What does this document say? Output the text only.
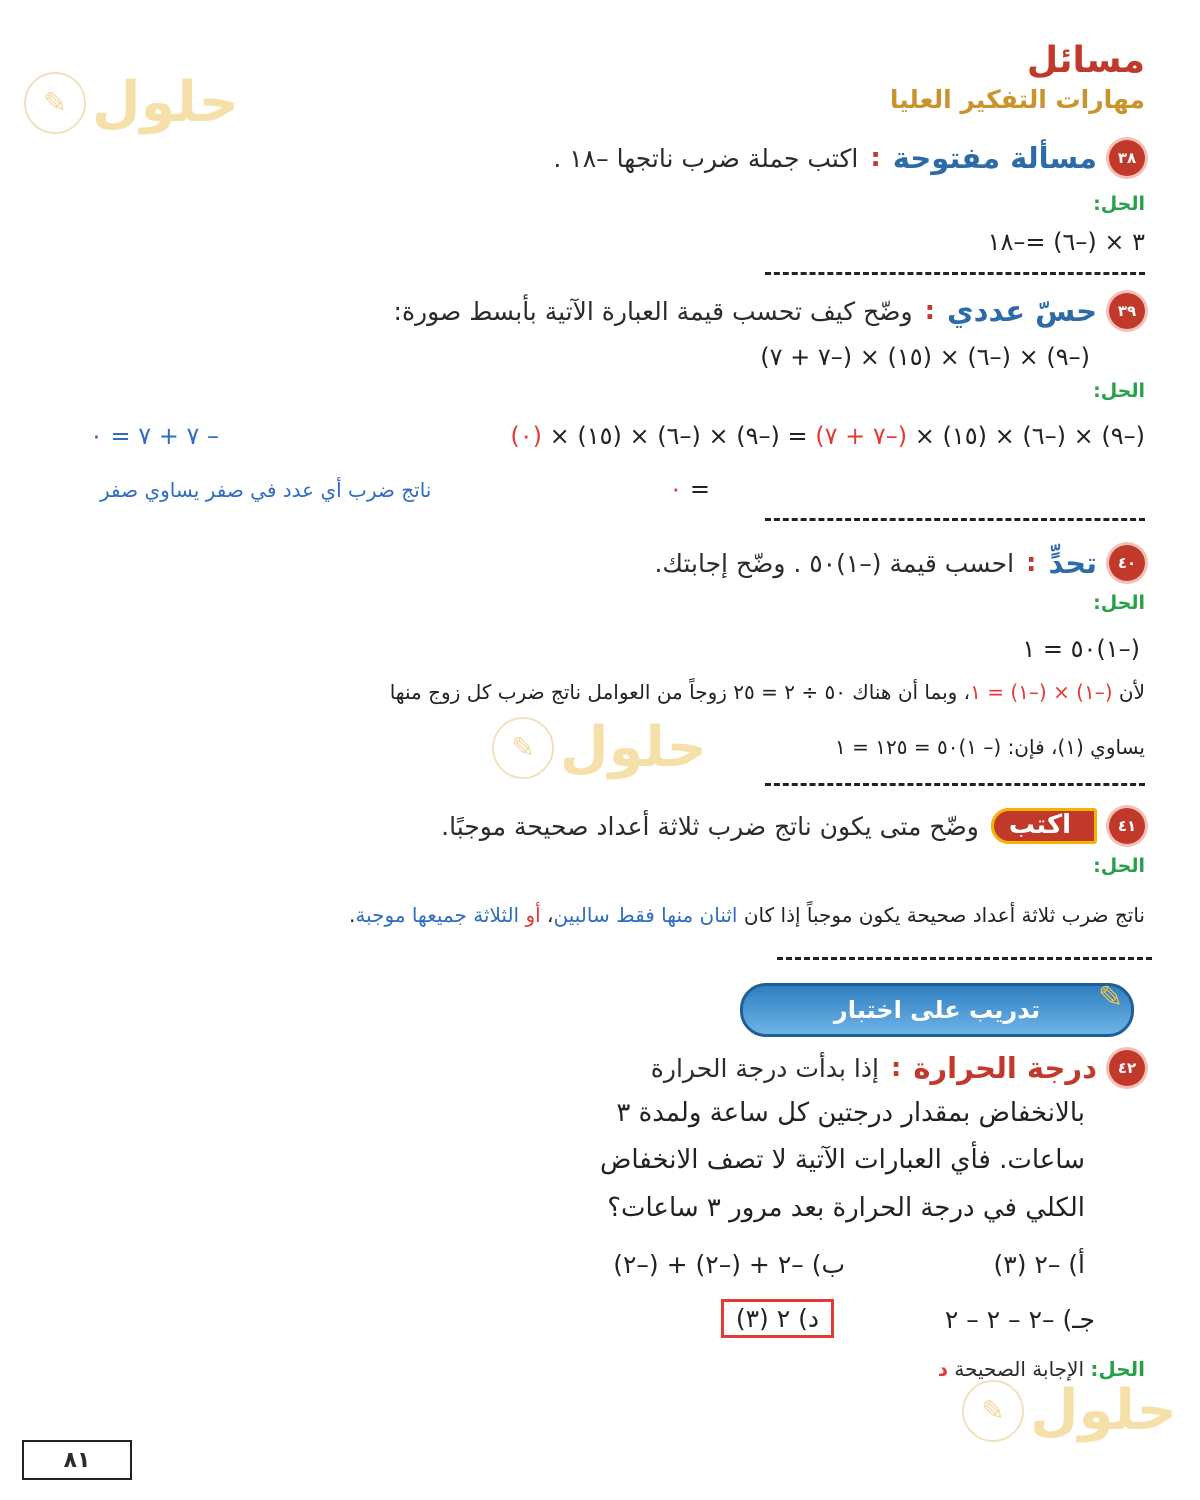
حلول
✎
حلول
✎
حلول
✎
مسائل
مهارات التفكير العليا
٣٨
مسألة مفتوحة
:
اكتب جملة ضرب ناتجها –١٨ .
الحل:
٣ × (–٦) =–١٨
٣٩
حسّ عددي
:
وضّح كيف تحسب قيمة العبارة الآتية بأبسط صورة:
(–٩) × (–٦) × (١٥) × (–٧ + ٧)
الحل:
(–٩) × (–٦) × (١٥) × (–٧ + ٧) = (–٩) × (–٦) × (١٥) × (٠)
– ٧ + ٧ = ٠
= ٠
ناتج ضرب أي عدد في صفر يساوي صفر
٤٠
تحدٍّ
:
احسب قيمة (–١)٥٠ . وضّح إجابتك.
الحل:
(–١)٥٠ = ١
لأن (–١) × (–١) = ١، وبما أن هناك ٥٠ ÷ ٢ = ٢٥ زوجاً من العوامل ناتج ضرب كل زوج منها
يساوي (١)، فإن: (– ١)٥٠ = ١٢٥ = ١
٤١
اكتب
وضّح متى يكون ناتج ضرب ثلاثة أعداد صحيحة موجبًا.
الحل:
ناتج ضرب ثلاثة أعداد صحيحة يكون موجباً إذا كان اثنان منها فقط سالبين، أو الثلاثة جميعها موجبة.
تدريب على اختبار ✎
٤٢
درجة الحرارة
:
إذا بدأت درجة الحرارة
بالانخفاض بمقدار درجتين كل ساعة ولمدة ٣
ساعات. فأي العبارات الآتية لا تصف الانخفاض
الكلي في درجة الحرارة بعد مرور ٣ ساعات؟
أ) –٢ (٣)
ب) –٢ + (–٢) + (–٢)
جـ) –٢ – ٢ – ٢
د) ٢ (٣)
الحل: الإجابة الصحيحة د
٨١
